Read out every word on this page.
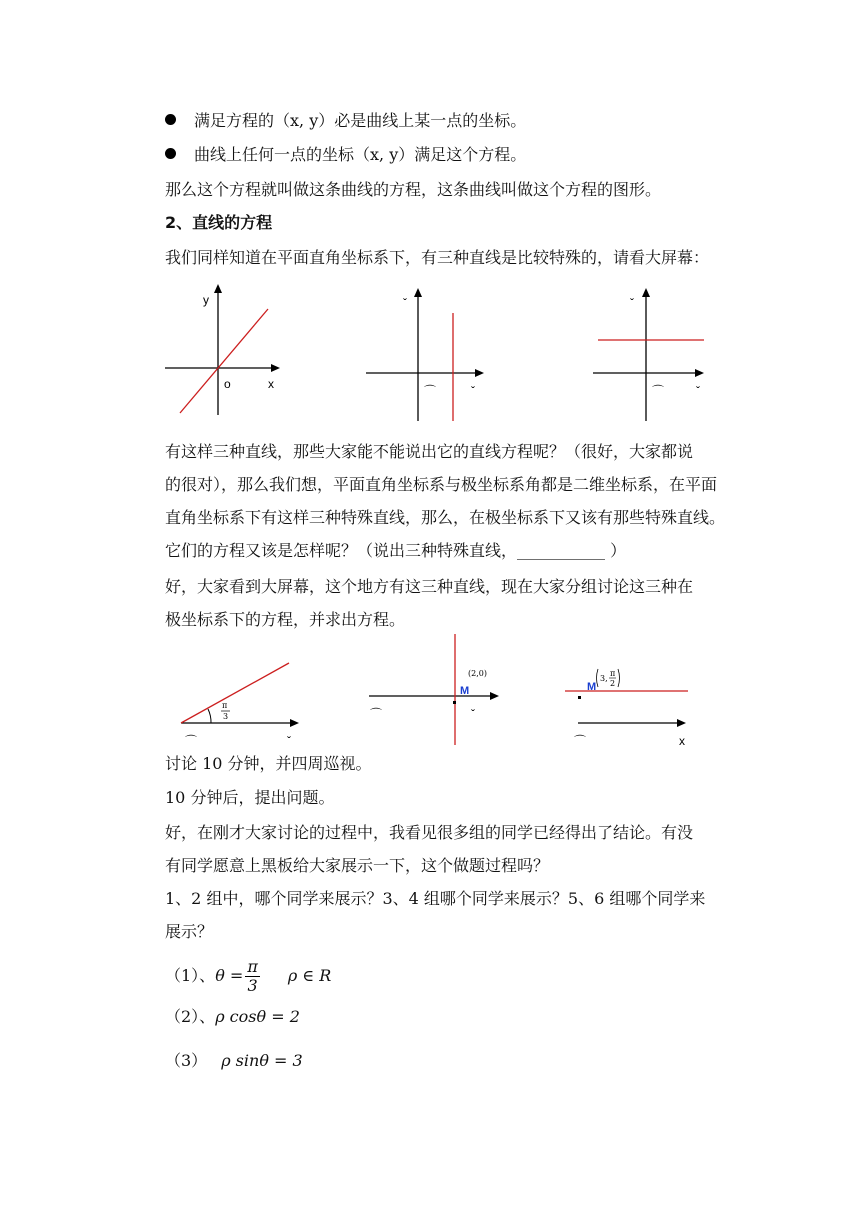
满足方程的（x, y）必是曲线上某一点的坐标。
曲线上任何一点的坐标（x, y）满足这个方程。
那么这个方程就叫做这条曲线的方程，这条曲线叫做这个方程的图形。
2、直线的方程
我们同样知道在平面直角坐标系下，有三种直线是比较特殊的，请看大屏幕：
y
o	x
ˇ
⌒	ˇ
ˇ
⌒	ˇ
有这样三种直线，那些大家能不能说出它的直线方程呢？（很好，大家都说
的很对），那么我们想，平面直角坐标系与极坐标系角都是二维坐标系，在平面
直角坐标系下有这样三种特殊直线，那么，在极坐标系下又该有那些特殊直线。
它们的方程又该是怎样呢？（说出三种特殊直线，___________ ）
好，大家看到大屏幕，这个地方有这三种直线，现在大家分组讨论这三种在
极坐标系下的方程，并求出方程。
π
3
⌒	ˇ
(2,0)
M
⌒	ˇ
M
3,
π
2
⌒	x
讨论 10 分钟，并四周巡视。
10 分钟后，提出问题。
好，在刚才大家讨论的过程中，我看见很多组的同学已经得出了结论。有没
有同学愿意上黑板给大家展示一下，这个做题过程吗？
1、2 组中，哪个同学来展示？3、4 组哪个同学来展示？5、6 组哪个同学来
展示？
（1）、$\theta = \frac{\pi}{3}$ ρ ∈ R
（2）、ρ cosθ = 2
（3） ρ sinθ = 3
